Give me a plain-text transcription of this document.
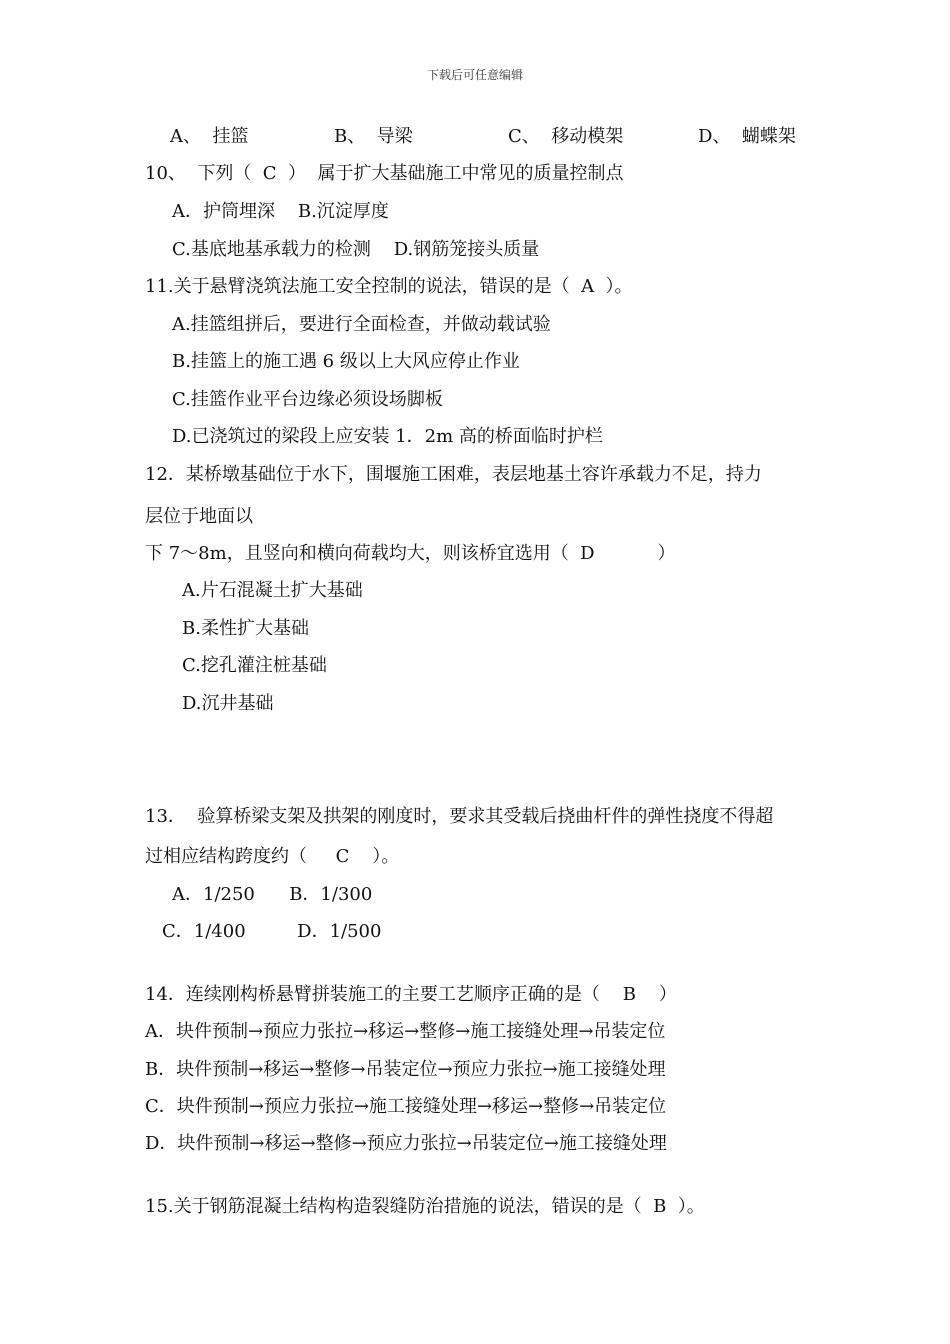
下载后可任意编辑
A、  挂篮	B、  导梁	C、  移动模架	D、  蝴蝶架
10、  下列（  C  ）  属于扩大基础施工中常见的质量控制点
A．护筒埋深    B.沉淀厚度
C.基底地基承载力的检测    D.钢筋笼接头质量
11.关于悬臂浇筑法施工安全控制的说法，错误的是（  A  ）。
A.挂篮组拼后，要进行全面检查，并做动载试验
B.挂篮上的施工遇 6 级以上大风应停止作业
C.挂篮作业平台边缘必须设场脚板
D.已浇筑过的梁段上应安装 1．2m 高的桥面临时护栏
12．某桥墩基础位于水下，围堰施工困难，表层地基土容许承载力不足，持力
层位于地面以
下 7～8m，且竖向和横向荷载均大，则该桥宜选用（  D           ）
A.片石混凝土扩大基础
B.柔性扩大基础
C.挖孔灌注桩基础
D.沉井基础
13．  验算桥梁支架及拱架的刚度时，要求其受载后挠曲杆件的弹性挠度不得超
过相应结构跨度约（     C    ）。
A．1/250      B．1/300
C．1/400         D．1/500
14．连续刚构桥悬臂拼装施工的主要工艺顺序正确的是（    B    ）
A．块件预制→预应力张拉→移运→整修→施工接缝处理→吊装定位
B．块件预制→移运→整修→吊装定位→预应力张拉→施工接缝处理
C．块件预制→预应力张拉→施工接缝处理→移运→整修→吊装定位
D．块件预制→移运→整修→预应力张拉→吊装定位→施工接缝处理
15.关于钢筋混凝土结构构造裂缝防治措施的说法，错误的是（  B  ）。
